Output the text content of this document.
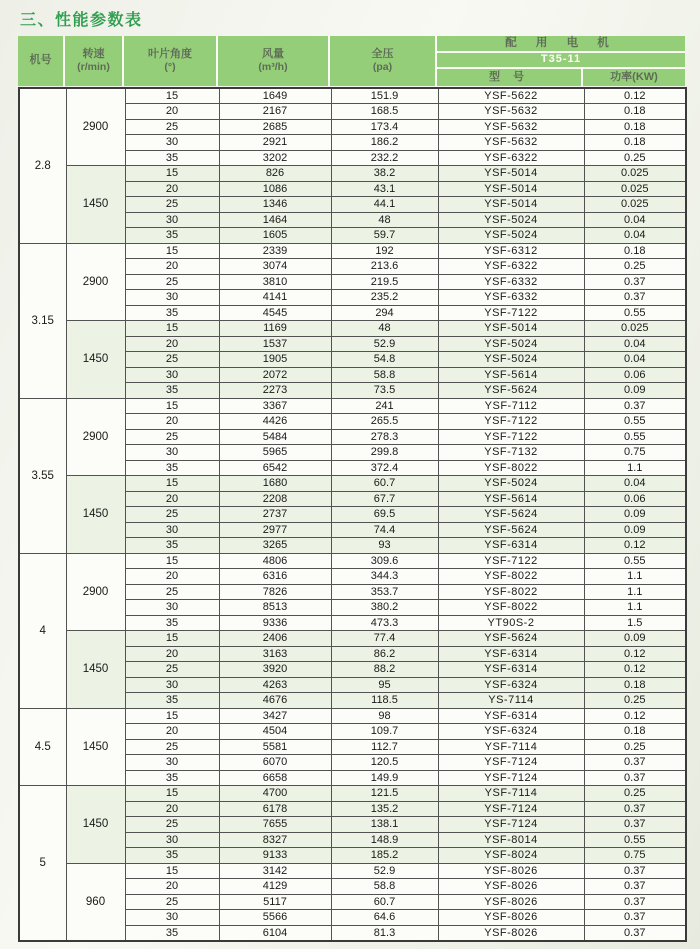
三、性能参数表
机号
转速
(r/min)
叶片角度
(°)
风量
(m³/h)
全压
(pa)
配 用 电 机
T35-11
型 号	功率(KW)
2.8	2900	15	1649	151.9	YSF-5622	0.12
		20	2167	168.5	YSF-5632	0.18
		25	2685	173.4	YSF-5632	0.18
		30	2921	186.2	YSF-5632	0.18
		35	3202	232.2	YSF-6322	0.25
	1450	15	826	38.2	YSF-5014	0.025
		20	1086	43.1	YSF-5014	0.025
		25	1346	44.1	YSF-5014	0.025
		30	1464	48	YSF-5024	0.04
		35	1605	59.7	YSF-5024	0.04
3.15	2900	15	2339	192	YSF-6312	0.18
		20	3074	213.6	YSF-6322	0.25
		25	3810	219.5	YSF-6332	0.37
		30	4141	235.2	YSF-6332	0.37
		35	4545	294	YSF-7122	0.55
	1450	15	1169	48	YSF-5014	0.025
		20	1537	52.9	YSF-5024	0.04
		25	1905	54.8	YSF-5024	0.04
		30	2072	58.8	YSF-5614	0.06
		35	2273	73.5	YSF-5624	0.09
3.55	2900	15	3367	241	YSF-7112	0.37
		20	4426	265.5	YSF-7122	0.55
		25	5484	278.3	YSF-7122	0.55
		30	5965	299.8	YSF-7132	0.75
		35	6542	372.4	YSF-8022	1.1
	1450	15	1680	60.7	YSF-5024	0.04
		20	2208	67.7	YSF-5614	0.06
		25	2737	69.5	YSF-5624	0.09
		30	2977	74.4	YSF-5624	0.09
		35	3265	93	YSF-6314	0.12
4	2900	15	4806	309.6	YSF-7122	0.55
		20	6316	344.3	YSF-8022	1.1
		25	7826	353.7	YSF-8022	1.1
		30	8513	380.2	YSF-8022	1.1
		35	9336	473.3	YT90S-2	1.5
	1450	15	2406	77.4	YSF-5624	0.09
		20	3163	86.2	YSF-6314	0.12
		25	3920	88.2	YSF-6314	0.12
		30	4263	95	YSF-6324	0.18
		35	4676	118.5	YS-7114	0.25
4.5	1450	15	3427	98	YSF-6314	0.12
		20	4504	109.7	YSF-6324	0.18
		25	5581	112.7	YSF-7114	0.25
		30	6070	120.5	YSF-7124	0.37
		35	6658	149.9	YSF-7124	0.37
5	1450	15	4700	121.5	YSF-7114	0.25
		20	6178	135.2	YSF-7124	0.37
		25	7655	138.1	YSF-7124	0.37
		30	8327	148.9	YSF-8014	0.55
		35	9133	185.2	YSF-8024	0.75
	960	15	3142	52.9	YSF-8026	0.37
		20	4129	58.8	YSF-8026	0.37
		25	5117	60.7	YSF-8026	0.37
		30	5566	64.6	YSF-8026	0.37
		35	6104	81.3	YSF-8026	0.37
